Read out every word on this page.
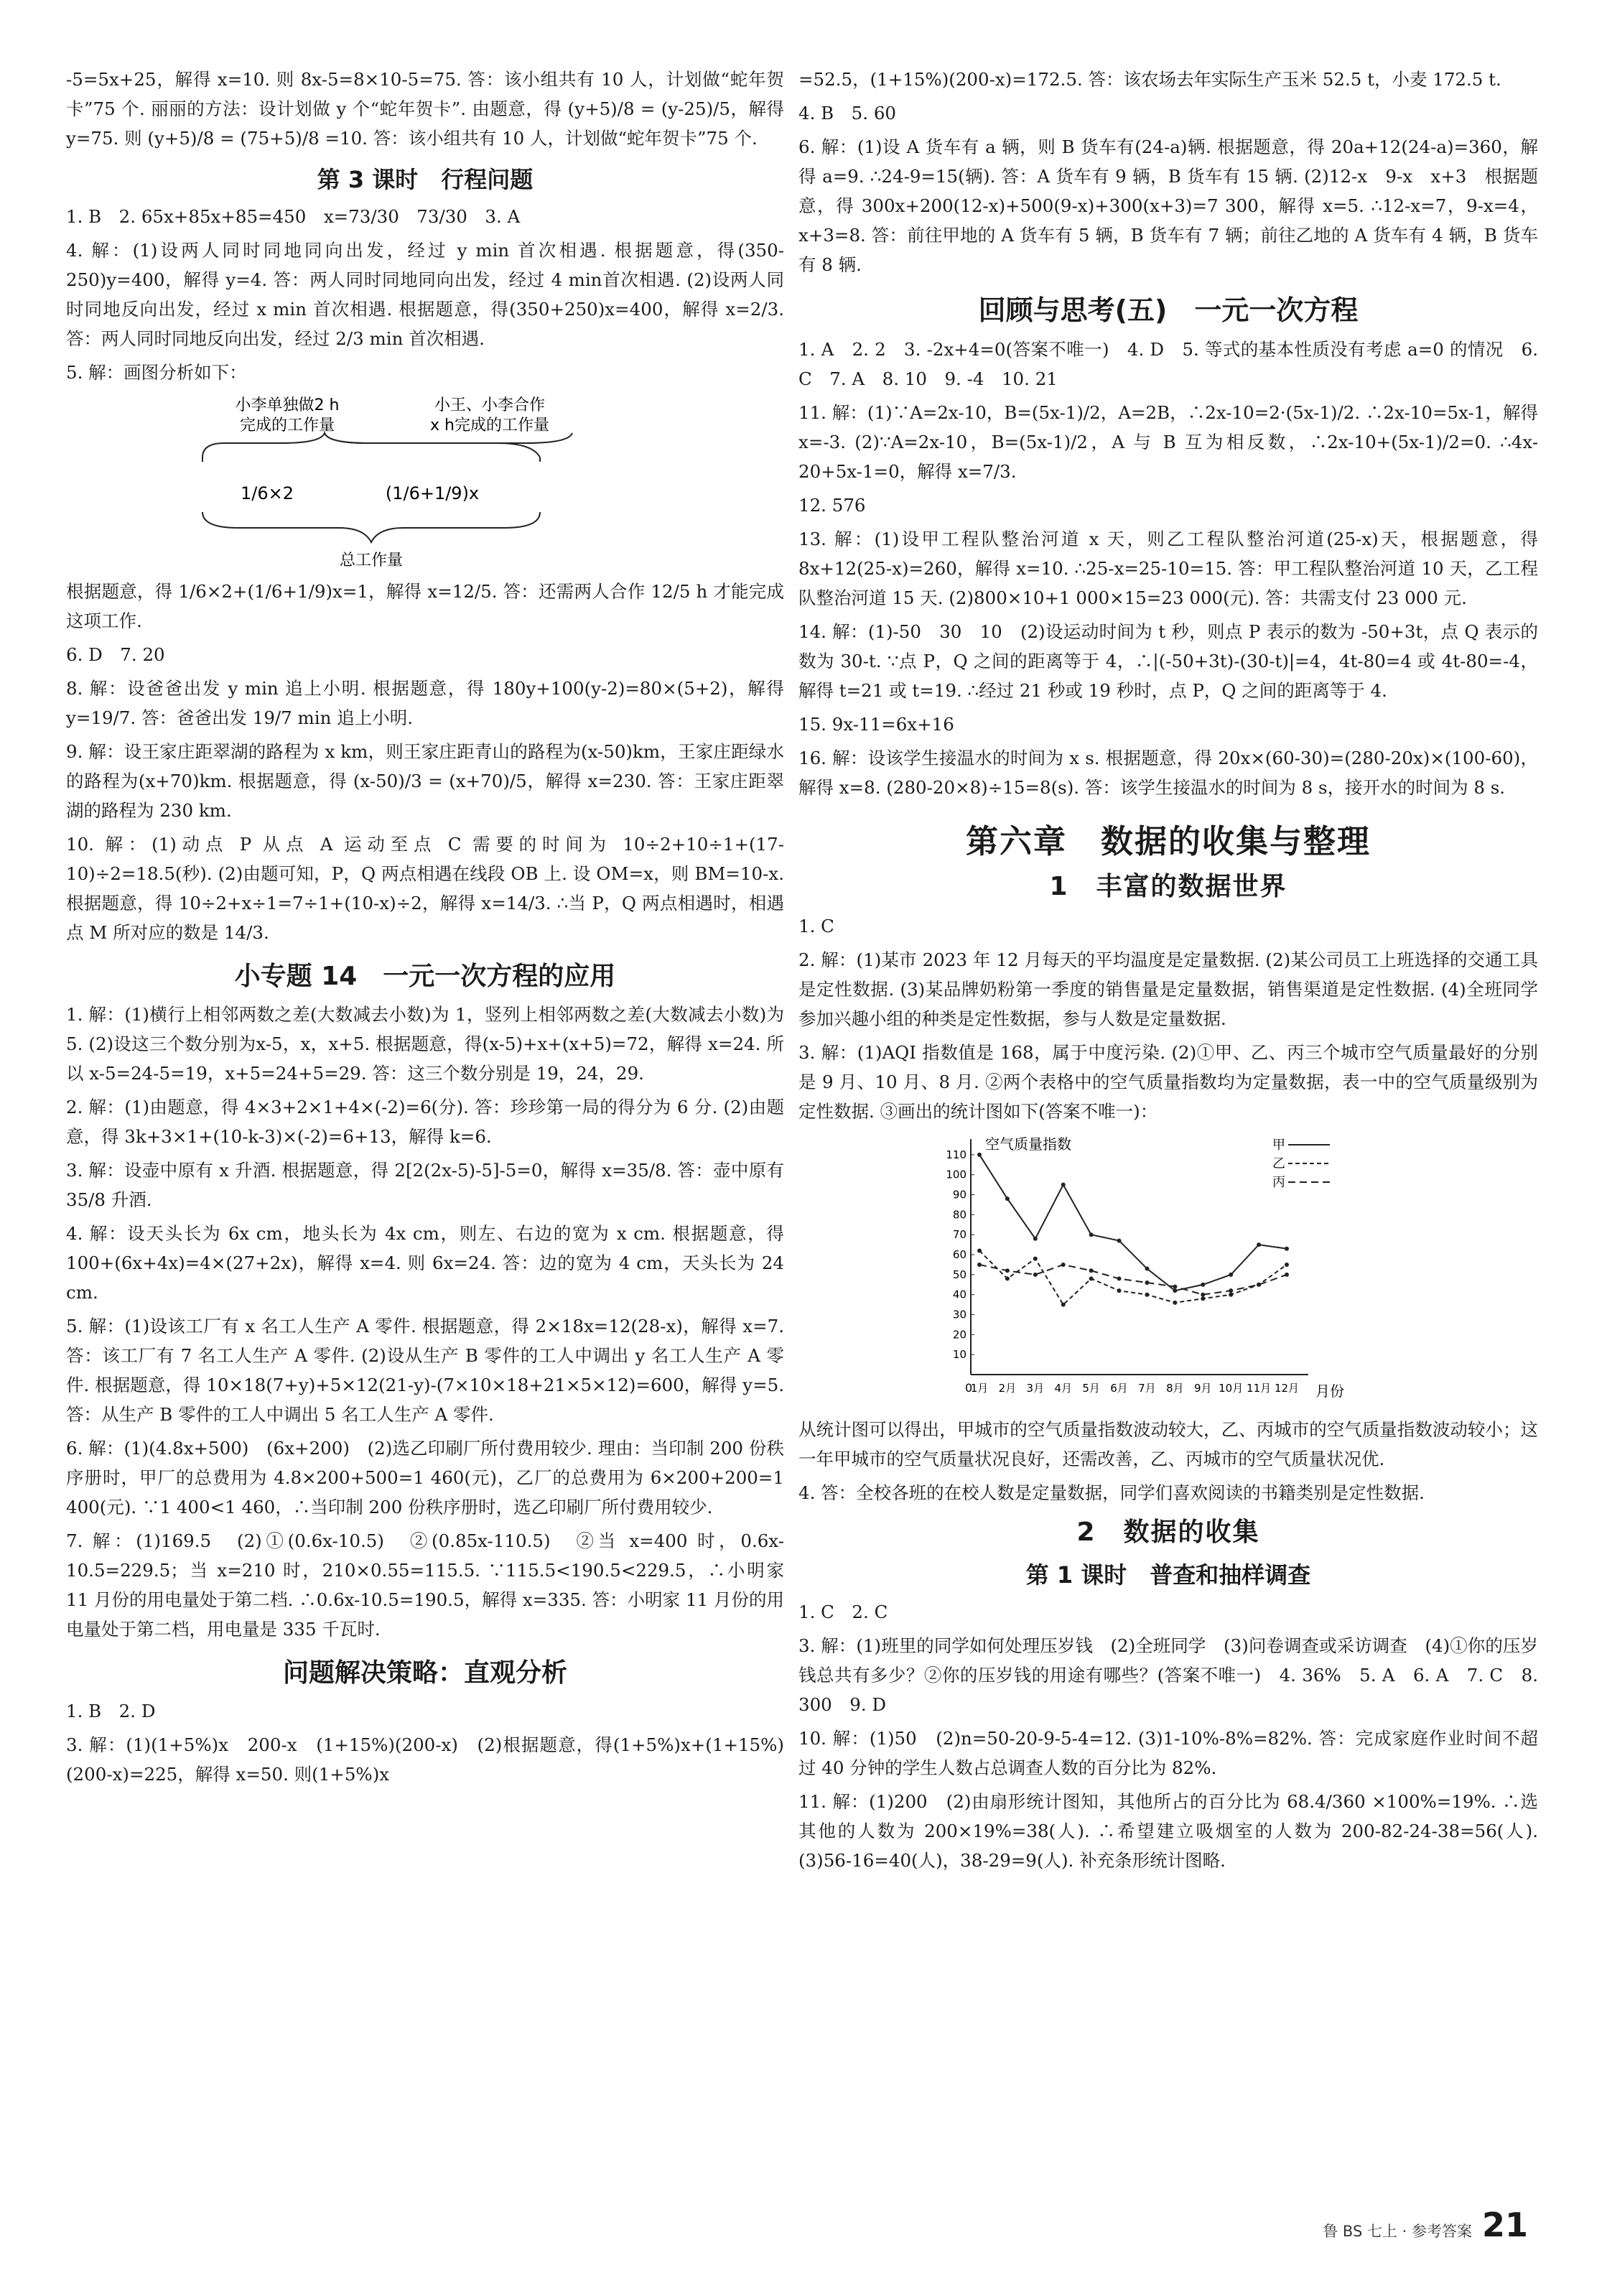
-5=5x+25，解得 x=10. 则 8x-5=8×10-5=75. 答：该小组共有 10 人，计划做“蛇年贺卡”75 个. 丽丽的方法：设计划做 y 个“蛇年贺卡”. 由题意，得 (y+5)/8 = (y-25)/5，解得 y=75. 则 (y+5)/8 = (75+5)/8 =10. 答：该小组共有 10 人，计划做“蛇年贺卡”75 个.

第 3 课时　行程问题

1. B　2. 65x+85x+85=450　x=73/30　73/30　3. A

4. 解：(1)设两人同时同地同向出发，经过 y min 首次相遇. 根据题意，得(350-250)y=400，解得 y=4. 答：两人同时同地同向出发，经过 4 min首次相遇. (2)设两人同时同地反向出发，经过 x min 首次相遇. 根据题意，得(350+250)x=400，解得 x=2/3. 答：两人同时同地反向出发，经过 2/3 min 首次相遇.

5. 解：画图分析如下：

小李单独做2 h
完成的工作量
小王、小李合作
x h完成的工作量
1/6×2	(1/6+1/9)x
总工作量

根据题意，得 1/6×2+(1/6+1/9)x=1，解得 x=12/5. 答：还需两人合作 12/5 h 才能完成这项工作.

6. D　7. 20

8. 解：设爸爸出发 y min 追上小明. 根据题意，得 180y+100(y-2)=80×(5+2)，解得 y=19/7. 答：爸爸出发 19/7 min 追上小明.

9. 解：设王家庄距翠湖的路程为 x km，则王家庄距青山的路程为(x-50)km，王家庄距绿水的路程为(x+70)km. 根据题意，得 (x-50)/3 = (x+70)/5，解得 x=230. 答：王家庄距翠湖的路程为 230 km.

10. 解：(1)动点 P 从点 A 运动至点 C 需要的时间为 10÷2+10÷1+(17-10)÷2=18.5(秒). (2)由题可知，P，Q 两点相遇在线段 OB 上. 设 OM=x，则 BM=10-x. 根据题意，得 10÷2+x÷1=7÷1+(10-x)÷2，解得 x=14/3. ∴当 P，Q 两点相遇时，相遇点 M 所对应的数是 14/3.

小专题 14　一元一次方程的应用

1. 解：(1)横行上相邻两数之差(大数减去小数)为 1，竖列上相邻两数之差(大数减去小数)为 5. (2)设这三个数分别为x-5，x，x+5. 根据题意，得(x-5)+x+(x+5)=72，解得 x=24. 所以 x-5=24-5=19，x+5=24+5=29. 答：这三个数分别是 19，24，29.

2. 解：(1)由题意，得 4×3+2×1+4×(-2)=6(分). 答：珍珍第一局的得分为 6 分. (2)由题意，得 3k+3×1+(10-k-3)×(-2)=6+13，解得 k=6.

3. 解：设壶中原有 x 升酒. 根据题意，得 2[2(2x-5)-5]-5=0，解得 x=35/8. 答：壶中原有 35/8 升酒.

4. 解：设天头长为 6x cm，地头长为 4x cm，则左、右边的宽为 x cm. 根据题意，得 100+(6x+4x)=4×(27+2x)，解得 x=4. 则 6x=24. 答：边的宽为 4 cm，天头长为 24 cm.

5. 解：(1)设该工厂有 x 名工人生产 A 零件. 根据题意，得 2×18x=12(28-x)，解得 x=7. 答：该工厂有 7 名工人生产 A 零件. (2)设从生产 B 零件的工人中调出 y 名工人生产 A 零件. 根据题意，得 10×18(7+y)+5×12(21-y)-(7×10×18+21×5×12)=600，解得 y=5. 答：从生产 B 零件的工人中调出 5 名工人生产 A 零件.

6. 解：(1)(4.8x+500)　(6x+200)　(2)选乙印刷厂所付费用较少. 理由：当印制 200 份秩序册时，甲厂的总费用为 4.8×200+500=1 460(元)，乙厂的总费用为 6×200+200=1 400(元). ∵1 400<1 460，∴当印制 200 份秩序册时，选乙印刷厂所付费用较少.

7. 解：(1)169.5　(2)①(0.6x-10.5)　②(0.85x-110.5)　②当 x=400 时，0.6x-10.5=229.5；当 x=210 时，210×0.55=115.5. ∵115.5<190.5<229.5，∴小明家 11 月份的用电量处于第二档. ∴0.6x-10.5=190.5，解得 x=335. 答：小明家 11 月份的用电量处于第二档，用电量是 335 千瓦时.

问题解决策略：直观分析

1. B　2. D

3. 解：(1)(1+5%)x　200-x　(1+15%)(200-x)　(2)根据题意，得(1+5%)x+(1+15%)(200-x)=225，解得 x=50. 则(1+5%)x

=52.5，(1+15%)(200-x)=172.5. 答：该农场去年实际生产玉米 52.5 t，小麦 172.5 t.

4. B　5. 60

6. 解：(1)设 A 货车有 a 辆，则 B 货车有(24-a)辆. 根据题意，得 20a+12(24-a)=360，解得 a=9. ∴24-9=15(辆). 答：A 货车有 9 辆，B 货车有 15 辆. (2)12-x　9-x　x+3　根据题意，得 300x+200(12-x)+500(9-x)+300(x+3)=7 300，解得 x=5. ∴12-x=7，9-x=4，x+3=8. 答：前往甲地的 A 货车有 5 辆，B 货车有 7 辆；前往乙地的 A 货车有 4 辆，B 货车有 8 辆.

回顾与思考(五)　一元一次方程

1. A　2. 2　3. -2x+4=0(答案不唯一)　4. D　5. 等式的基本性质没有考虑 a=0 的情况　6. C　7. A　8. 10　9. -4　10. 21

11. 解：(1)∵A=2x-10，B=(5x-1)/2，A=2B，∴2x-10=2·(5x-1)/2. ∴2x-10=5x-1，解得 x=-3. (2)∵A=2x-10，B=(5x-1)/2，A 与 B 互为相反数，∴2x-10+(5x-1)/2=0. ∴4x-20+5x-1=0，解得 x=7/3.

12. 576

13. 解：(1)设甲工程队整治河道 x 天，则乙工程队整治河道(25-x)天，根据题意，得 8x+12(25-x)=260，解得 x=10. ∴25-x=25-10=15. 答：甲工程队整治河道 10 天，乙工程队整治河道 15 天. (2)800×10+1 000×15=23 000(元). 答：共需支付 23 000 元.

14. 解：(1)-50　30　10　(2)设运动时间为 t 秒，则点 P 表示的数为 -50+3t，点 Q 表示的数为 30-t. ∵点 P，Q 之间的距离等于 4，∴|(-50+3t)-(30-t)|=4，4t-80=4 或 4t-80=-4，解得 t=21 或 t=19. ∴经过 21 秒或 19 秒时，点 P，Q 之间的距离等于 4.

15. 9x-11=6x+16

16. 解：设该学生接温水的时间为 x s. 根据题意，得 20x×(60-30)=(280-20x)×(100-60)，解得 x=8. (280-20×8)÷15=8(s). 答：该学生接温水的时间为 8 s，接开水的时间为 8 s.

第六章　数据的收集与整理
1　丰富的数据世界

1. C

2. 解：(1)某市 2023 年 12 月每天的平均温度是定量数据. (2)某公司员工上班选择的交通工具是定性数据. (3)某品牌奶粉第一季度的销售量是定量数据，销售渠道是定性数据. (4)全班同学参加兴趣小组的种类是定性数据，参与人数是定量数据.

3. 解：(1)AQI 指数值是 168，属于中度污染. (2)①甲、乙、丙三个城市空气质量最好的分别是 9 月、10 月、8 月. ②两个表格中的空气质量指数均为定量数据，表一中的空气质量级别为定性数据. ③画出的统计图如下(答案不唯一)：

0
10
20
30
40
50
60
70
80
90
100
110
1月 2月 3月 4月 5月 6月 7月 8月 9月 10月 11月 12月
空气质量指数
月份
甲
乙
丙

从统计图可以得出，甲城市的空气质量指数波动较大，乙、丙城市的空气质量指数波动较小；这一年甲城市的空气质量状况良好，还需改善，乙、丙城市的空气质量状况优.

4. 答：全校各班的在校人数是定量数据，同学们喜欢阅读的书籍类别是定性数据.

2　数据的收集
第 1 课时　普查和抽样调查

1. C　2. C

3. 解：(1)班里的同学如何处理压岁钱　(2)全班同学　(3)问卷调查或采访调查　(4)①你的压岁钱总共有多少？②你的压岁钱的用途有哪些？(答案不唯一)　4. 36%　5. A　6. A　7. C　8. 300　9. D

10. 解：(1)50　(2)n=50-20-9-5-4=12. (3)1-10%-8%=82%. 答：完成家庭作业时间不超过 40 分钟的学生人数占总调查人数的百分比为 82%.

11. 解：(1)200　(2)由扇形统计图知，其他所占的百分比为 68.4/360 ×100%=19%. ∴选其他的人数为 200×19%=38(人). ∴希望建立吸烟室的人数为 200-82-24-38=56(人). (3)56-16=40(人)，38-29=9(人). 补充条形统计图略.

鲁 BS 七上 · 参考答案 21
